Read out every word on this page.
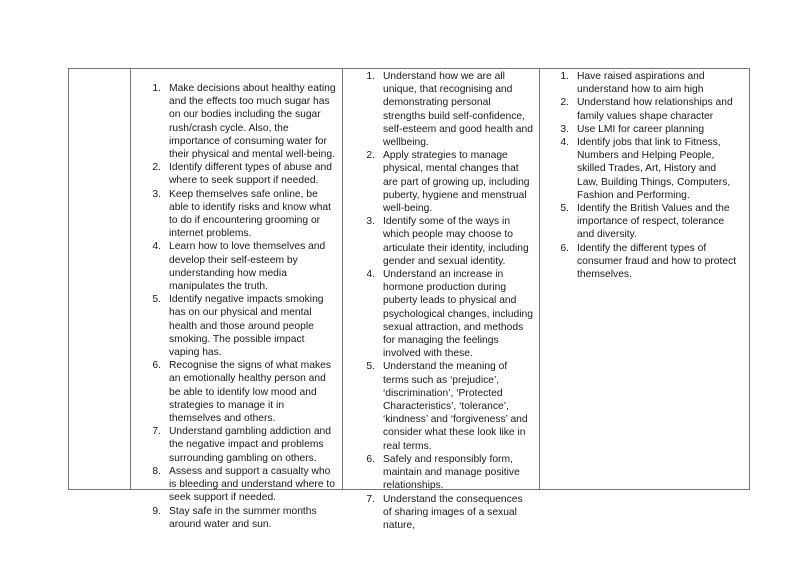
1. Make decisions about healthy eating and the effects too much sugar has on our bodies including the sugar rush/crash cycle. Also, the importance of consuming water for their physical and mental well-being.
2. Identify different types of abuse and where to seek support if needed.
3. Keep themselves safe online, be able to identify risks and know what to do if encountering grooming or internet problems.
4. Learn how to love themselves and develop their self-esteem by understanding how media manipulates the truth.
5. Identify negative impacts smoking has on our physical and mental health and those around people smoking. The possible impact vaping has.
6. Recognise the signs of what makes an emotionally healthy person and be able to identify low mood and strategies to manage it in themselves and others.
7. Understand gambling addiction and the negative impact and problems surrounding gambling on others.
8. Assess and support a casualty who is bleeding and understand where to seek support if needed.
9. Stay safe in the summer months around water and sun.
1. Understand how we are all unique, that recognising and demonstrating personal strengths build self-confidence, self-esteem and good health and wellbeing.
2. Apply strategies to manage physical, mental changes that are part of growing up, including puberty, hygiene and menstrual well-being.
3. Identify some of the ways in which people may choose to articulate their identity, including gender and sexual identity.
4. Understand an increase in hormone production during puberty leads to physical and psychological changes, including sexual attraction, and methods for managing the feelings involved with these.
5. Understand the meaning of terms such as ‘prejudice’, ‘discrimination’, ‘Protected Characteristics’, ‘tolerance’, ‘kindness’ and ‘forgiveness’ and consider what these look like in real terms.
6. Safely and responsibly form, maintain and manage positive relationships.
7. Understand the consequences of sharing images of a sexual nature,
1. Have raised aspirations and understand how to aim high
2. Understand how relationships and family values shape character
3. Use LMI for career planning
4. Identify jobs that link to Fitness, Numbers and Helping People, skilled Trades, Art, History and Law, Building Things, Computers, Fashion and Performing.
5. Identify the British Values and the importance of respect, tolerance and diversity.
6. Identify the different types of consumer fraud and how to protect themselves.
